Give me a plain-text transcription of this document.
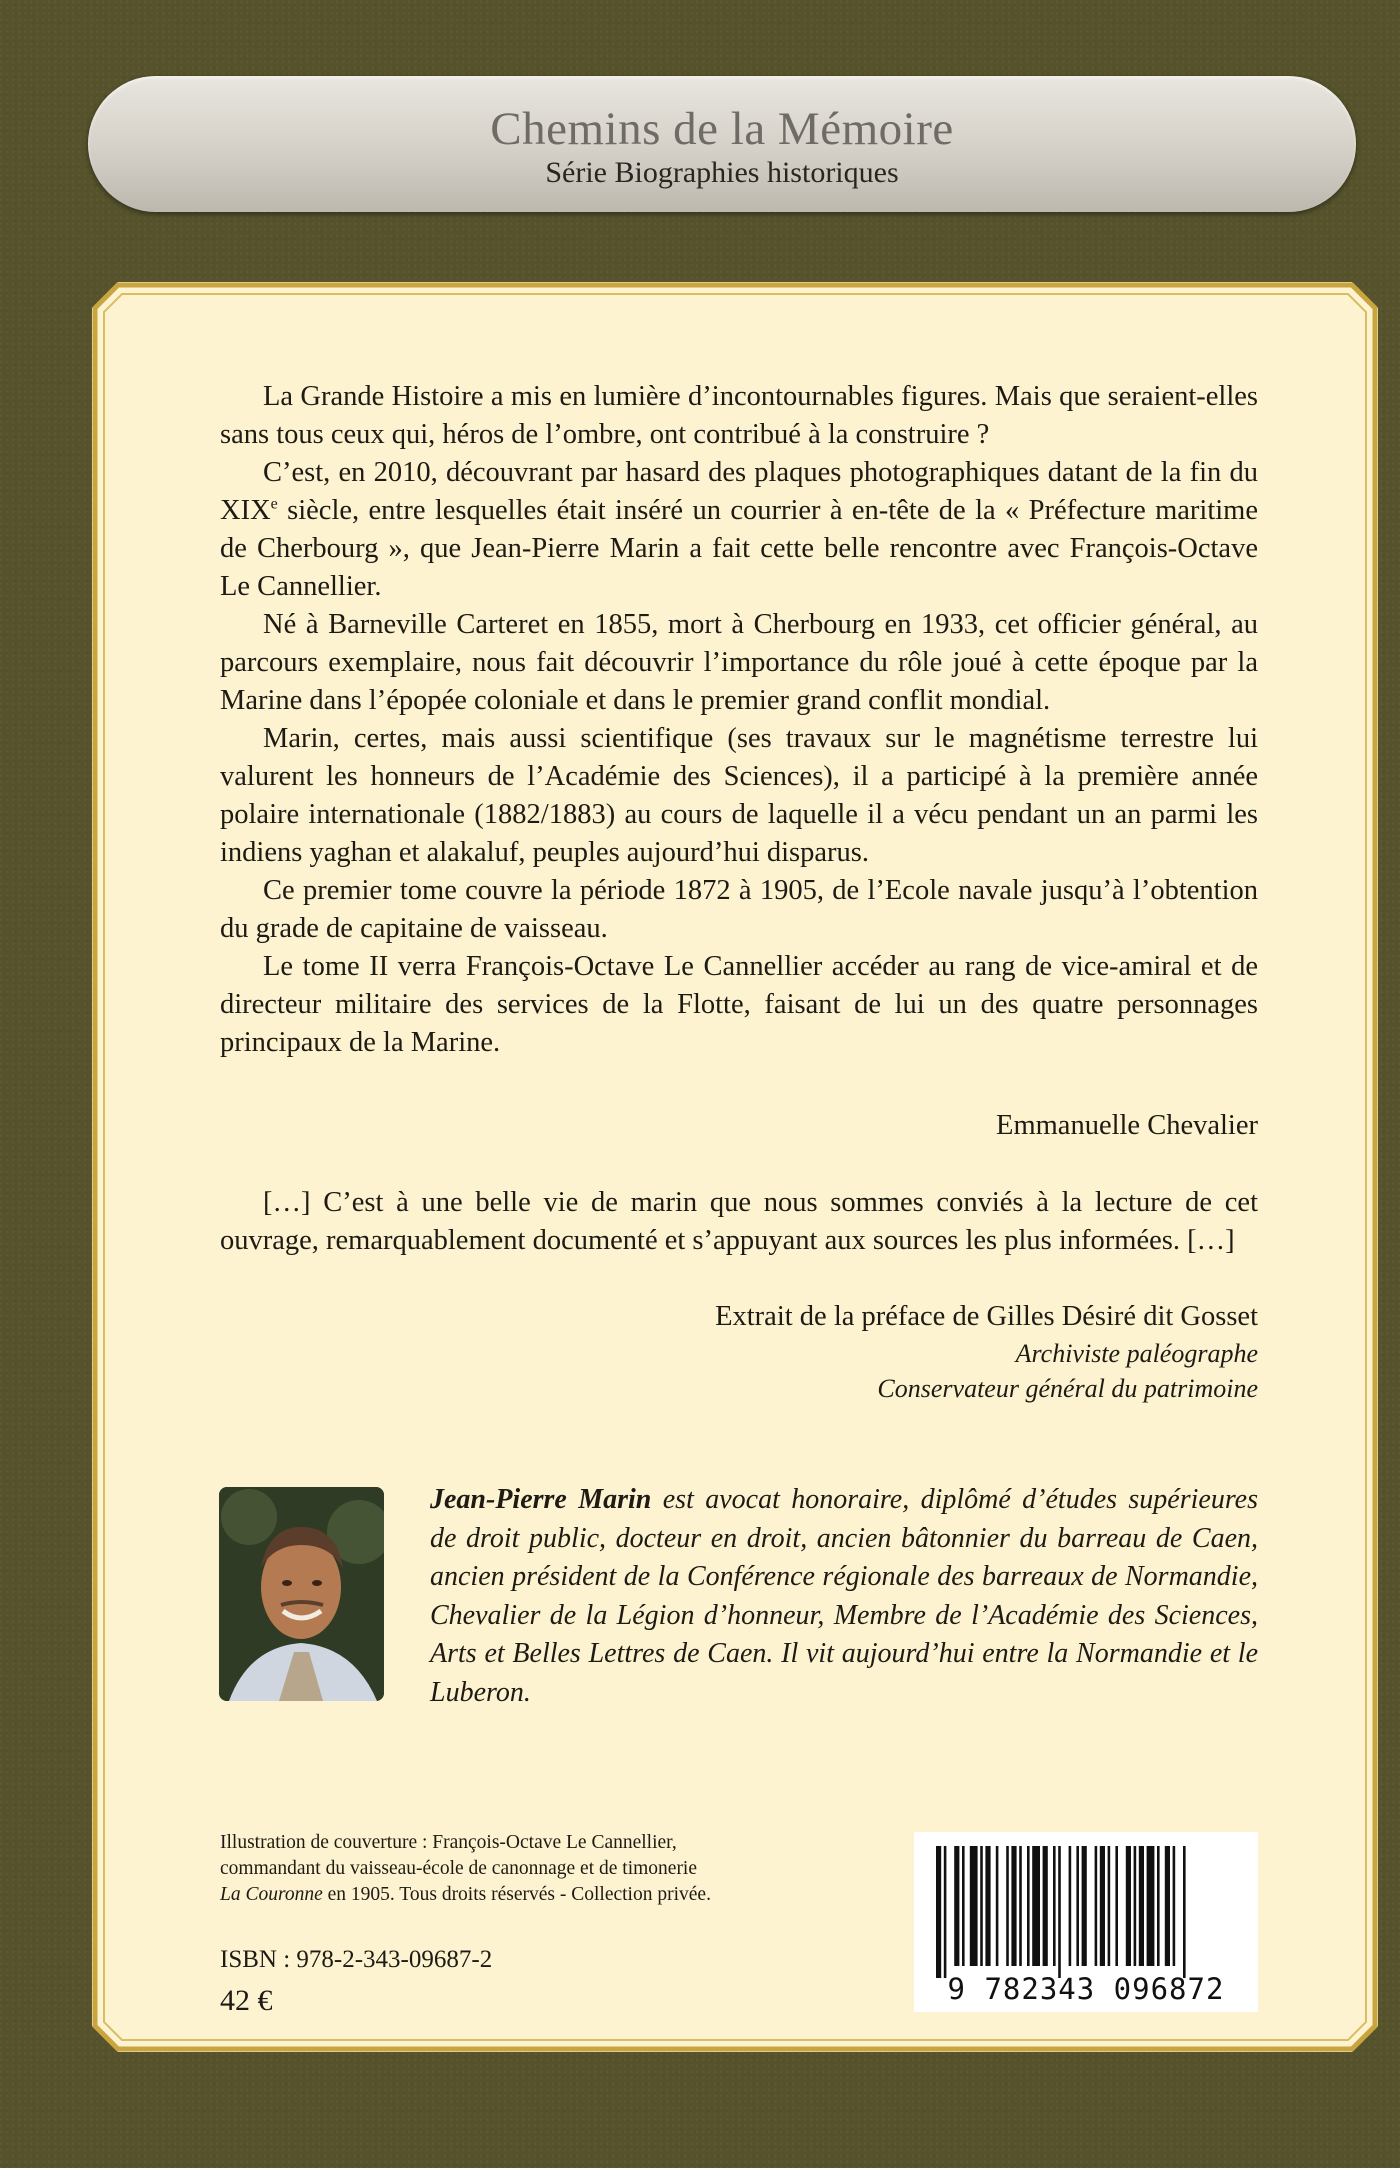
Chemins de la Mémoire
Série Biographies historiques

La Grande Histoire a mis en lumière d’incontournables figures. Mais que seraient-elles sans tous ceux qui, héros de l’ombre, ont contribué à la construire ?

C’est, en 2010, découvrant par hasard des plaques photographiques datant de la fin du XIXe siècle, entre lesquelles était inséré un courrier à en-tête de la « Préfecture maritime de Cherbourg », que Jean-Pierre Marin a fait cette belle rencontre avec François-Octave Le Cannellier.

Né à Barneville Carteret en 1855, mort à Cherbourg en 1933, cet officier général, au parcours exemplaire, nous fait découvrir l’importance du rôle joué à cette époque par la Marine dans l’épopée coloniale et dans le premier grand conflit mondial.

Marin, certes, mais aussi scientifique (ses travaux sur le magnétisme terrestre lui valurent les honneurs de l’Académie des Sciences), il a participé à la première année polaire internationale (1882/1883) au cours de laquelle il a vécu pendant un an parmi les indiens yaghan et alakaluf, peuples aujourd’hui disparus.

Ce premier tome couvre la période 1872 à 1905, de l’Ecole navale jusqu’à l’obtention du grade de capitaine de vaisseau.

Le tome II verra François-Octave Le Cannellier accéder au rang de vice-amiral et de directeur militaire des services de la Flotte, faisant de lui un des quatre personnages principaux de la Marine.

Emmanuelle Chevalier

[…] C’est à une belle vie de marin que nous sommes conviés à la lecture de cet ouvrage, remarquablement documenté et s’appuyant aux sources les plus informées. […]

Extrait de la préface de Gilles Désiré dit Gosset
Archiviste paléographe
Conservateur général du patrimoine
Jean-Pierre Marin est avocat honoraire, diplômé d’études supérieures de droit public, docteur en droit, ancien bâtonnier du barreau de Caen, ancien président de la Conférence régionale des barreaux de Normandie, Chevalier de la Légion d’honneur, Membre de l’Académie des Sciences, Arts et Belles Lettres de Caen. Il vit aujourd’hui entre la Normandie et le Luberon.
Illustration de couverture : François-Octave Le Cannellier,
commandant du vaisseau-école de canonnage et de timonerie
La Couronne en 1905. Tous droits réservés - Collection privée.
ISBN : 978-2-343-09687-2
42 €	9 782343 096872
